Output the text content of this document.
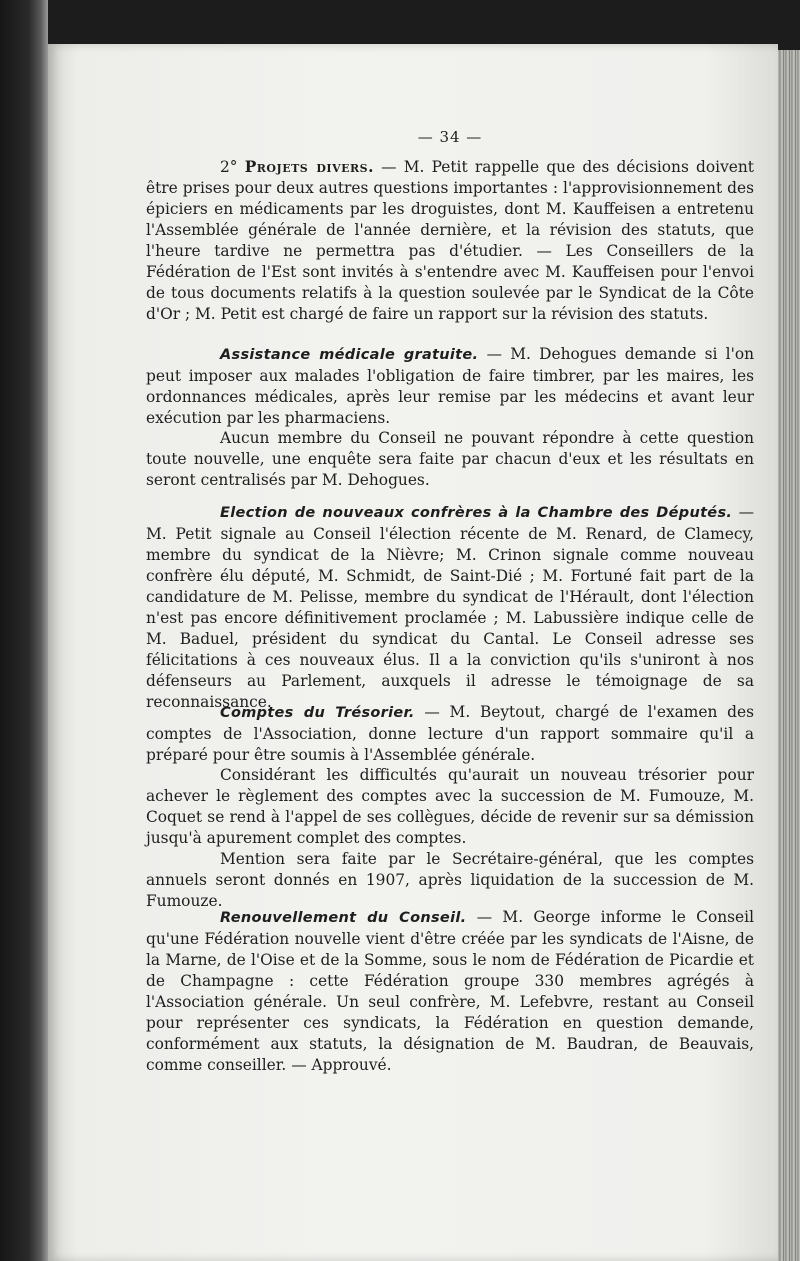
— 34 —

2° Projets divers. — M. Petit rappelle que des décisions doivent être prises pour deux autres questions importantes : l'approvisionnement des épiciers en médicaments par les droguistes, dont M. Kauffeisen a entretenu l'Assemblée générale de l'année dernière, et la révision des statuts, que l'heure tardive ne permettra pas d'étudier. — Les Conseillers de la Fédération de l'Est sont invités à s'entendre avec M. Kauffeisen pour l'envoi de tous documents relatifs à la question soulevée par le Syndicat de la Côte d'Or ; M. Petit est chargé de faire un rapport sur la révision des statuts.

Assistance médicale gratuite. — M. Dehogues demande si l'on peut imposer aux malades l'obligation de faire timbrer, par les maires, les ordonnances médicales, après leur remise par les médecins et avant leur exécution par les pharmaciens.

Aucun membre du Conseil ne pouvant répondre à cette question toute nouvelle, une enquête sera faite par chacun d'eux et les résultats en seront centralisés par M. Dehogues.

Election de nouveaux confrères à la Chambre des Députés. — M. Petit signale au Conseil l'élection récente de M. Renard, de Clamecy, membre du syndicat de la Nièvre; M. Crinon signale comme nouveau confrère élu député, M. Schmidt, de Saint-Dié ; M. Fortuné fait part de la candidature de M. Pelisse, membre du syndicat de l'Hérault, dont l'élection n'est pas encore définitivement proclamée ; M. Labussière indique celle de M. Baduel, président du syndicat du Cantal. Le Conseil adresse ses félicitations à ces nouveaux élus. Il a la conviction qu'ils s'uniront à nos défenseurs au Parlement, auxquels il adresse le témoignage de sa reconnaissance.

Comptes du Trésorier. — M. Beytout, chargé de l'examen des comptes de l'Association, donne lecture d'un rapport sommaire qu'il a préparé pour être soumis à l'Assemblée générale.

Considérant les difficultés qu'aurait un nouveau trésorier pour achever le règlement des comptes avec la succession de M. Fumouze, M. Coquet se rend à l'appel de ses collègues, décide de revenir sur sa démission jusqu'à apurement complet des comptes.

Mention sera faite par le Secrétaire-général, que les comptes annuels seront donnés en 1907, après liquidation de la succession de M. Fumouze.

Renouvellement du Conseil. — M. George informe le Conseil qu'une Fédération nouvelle vient d'être créée par les syndicats de l'Aisne, de la Marne, de l'Oise et de la Somme, sous le nom de Fédération de Picardie et de Champagne : cette Fédération groupe 330 membres agrégés à l'Association générale. Un seul confrère, M. Lefebvre, restant au Conseil pour représenter ces syndicats, la Fédération en question demande, conformément aux statuts, la désignation de M. Baudran, de Beauvais, comme conseiller. — Approuvé.
